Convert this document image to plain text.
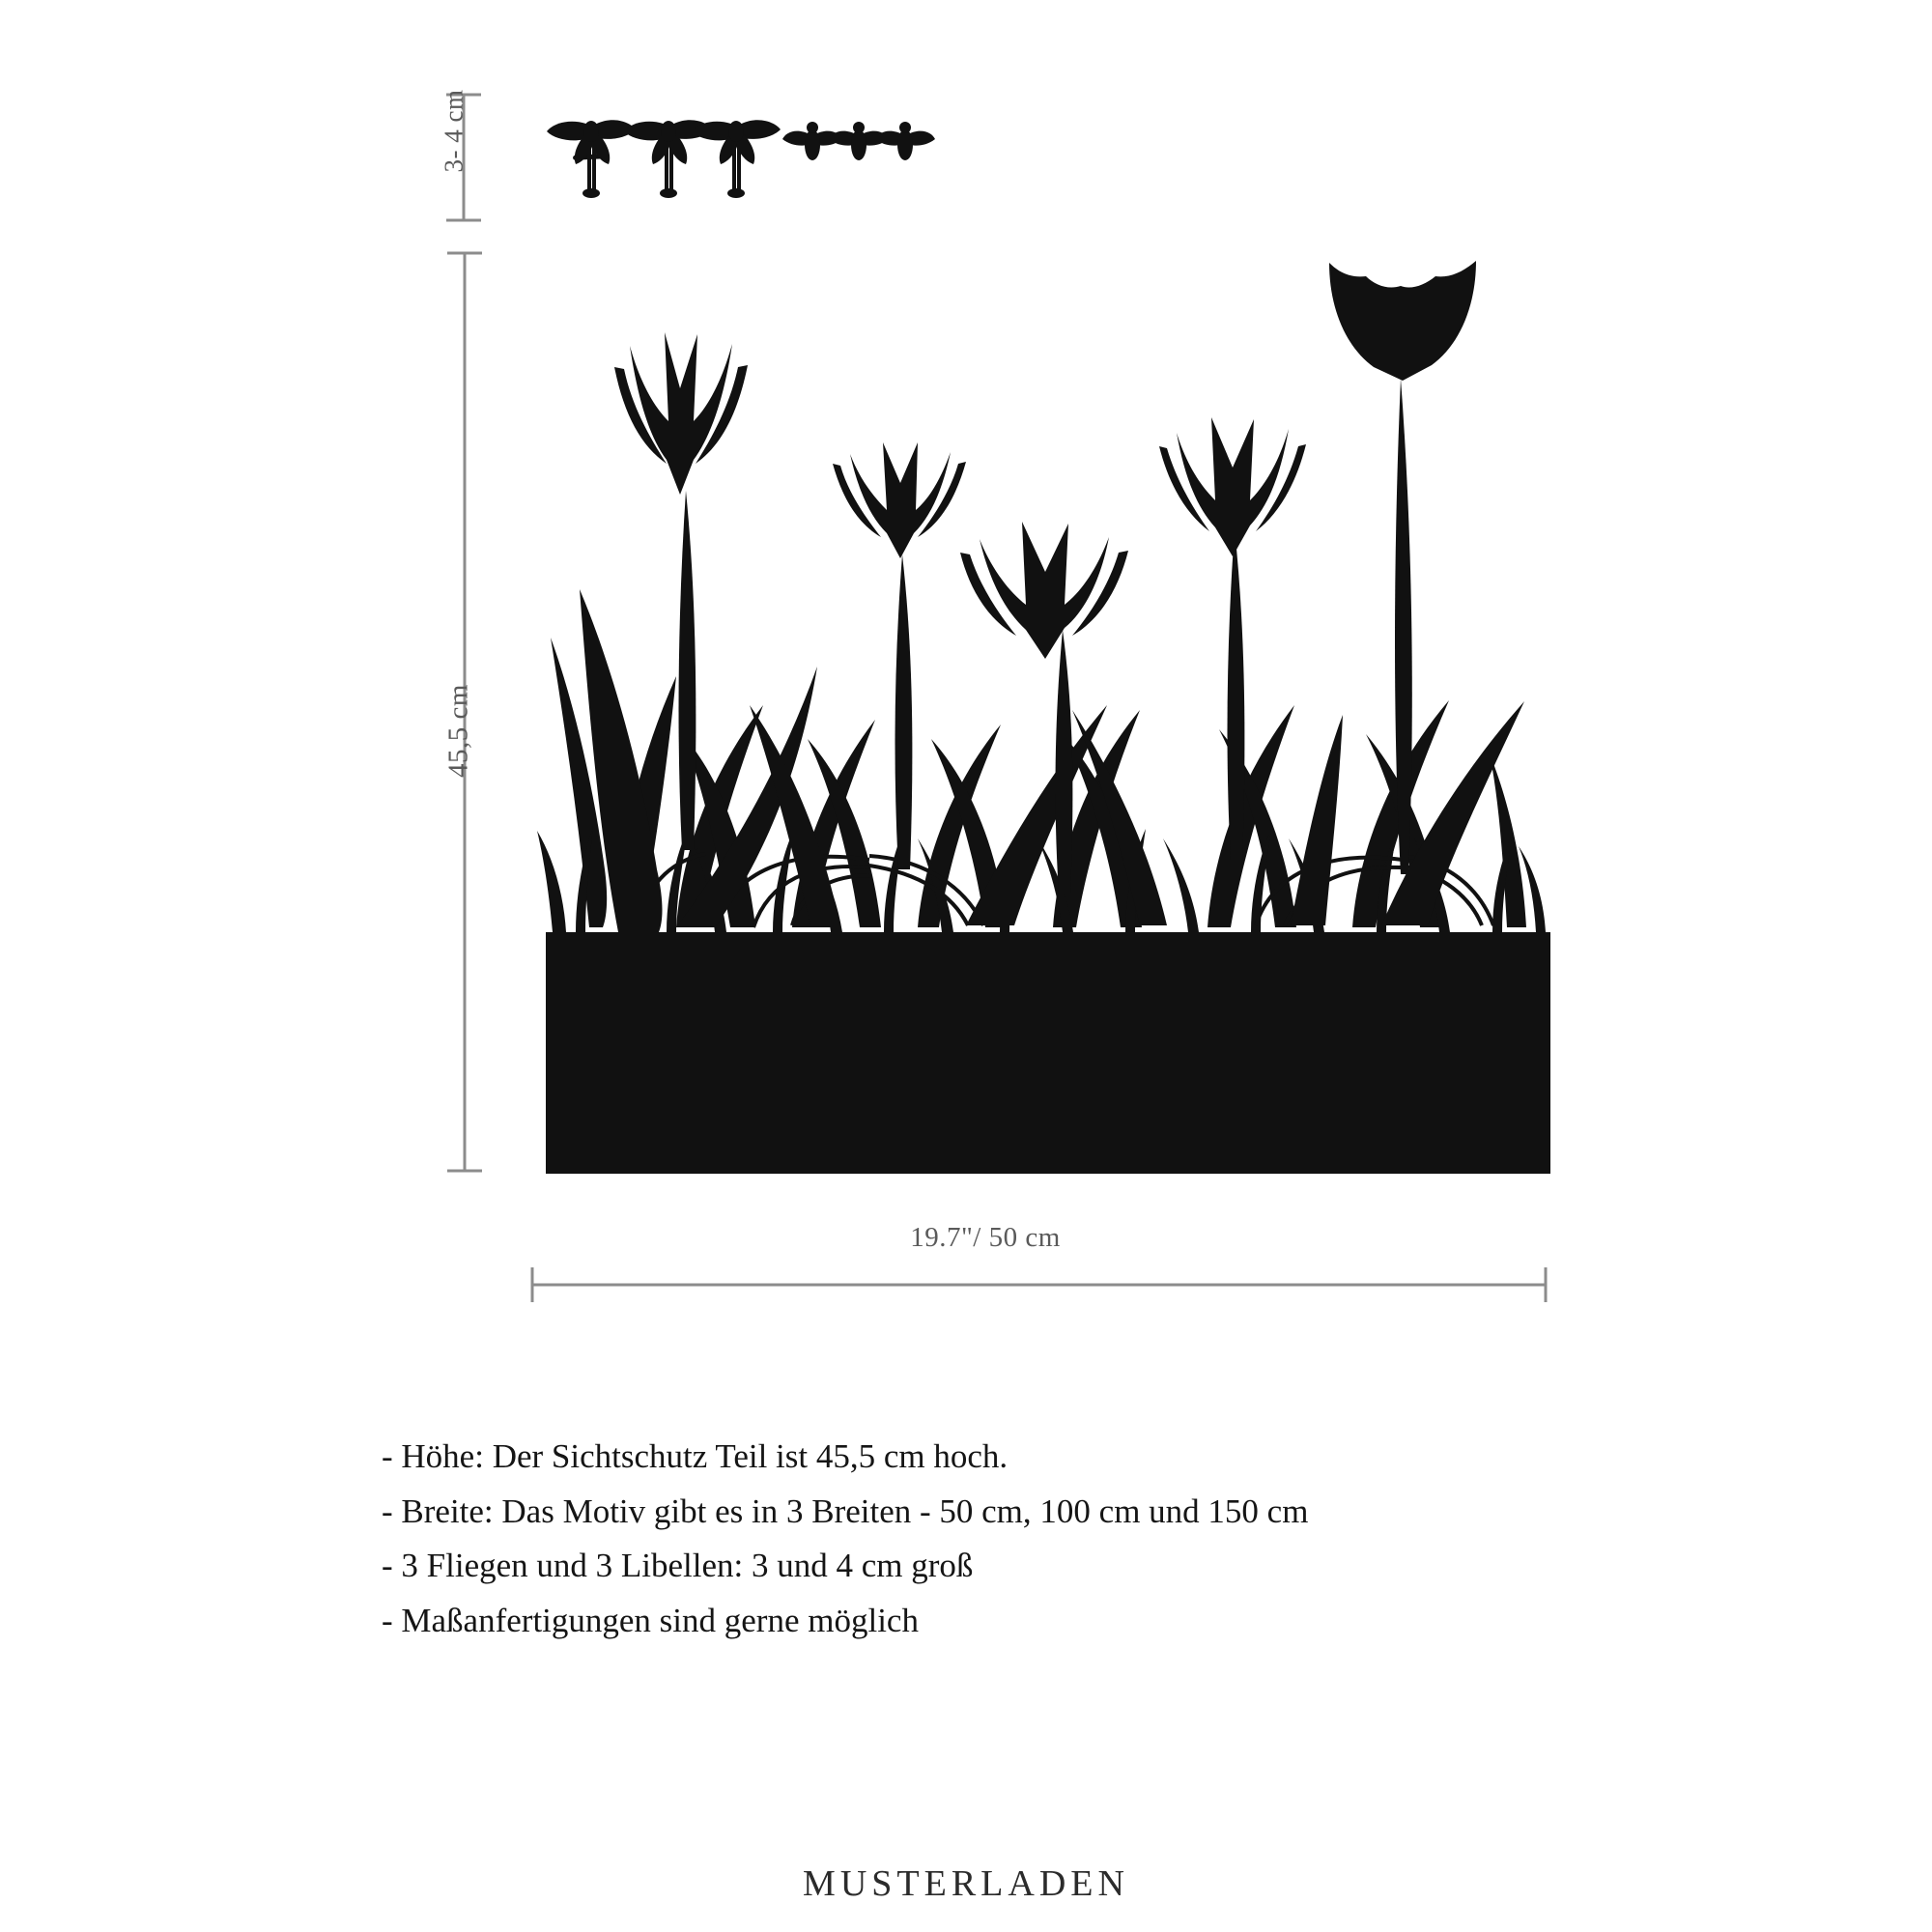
3- 4 cm
45,5 cm
19.7"/ 50 cm
- Höhe: Der Sichtschutz Teil ist 45,5 cm hoch.
- Breite: Das Motiv gibt es in 3 Breiten - 50 cm, 100 cm und 150 cm
- 3 Fliegen und 3 Libellen: 3 und 4 cm groß
- Maßanfertigungen sind gerne möglich
MUSTERLADEN
